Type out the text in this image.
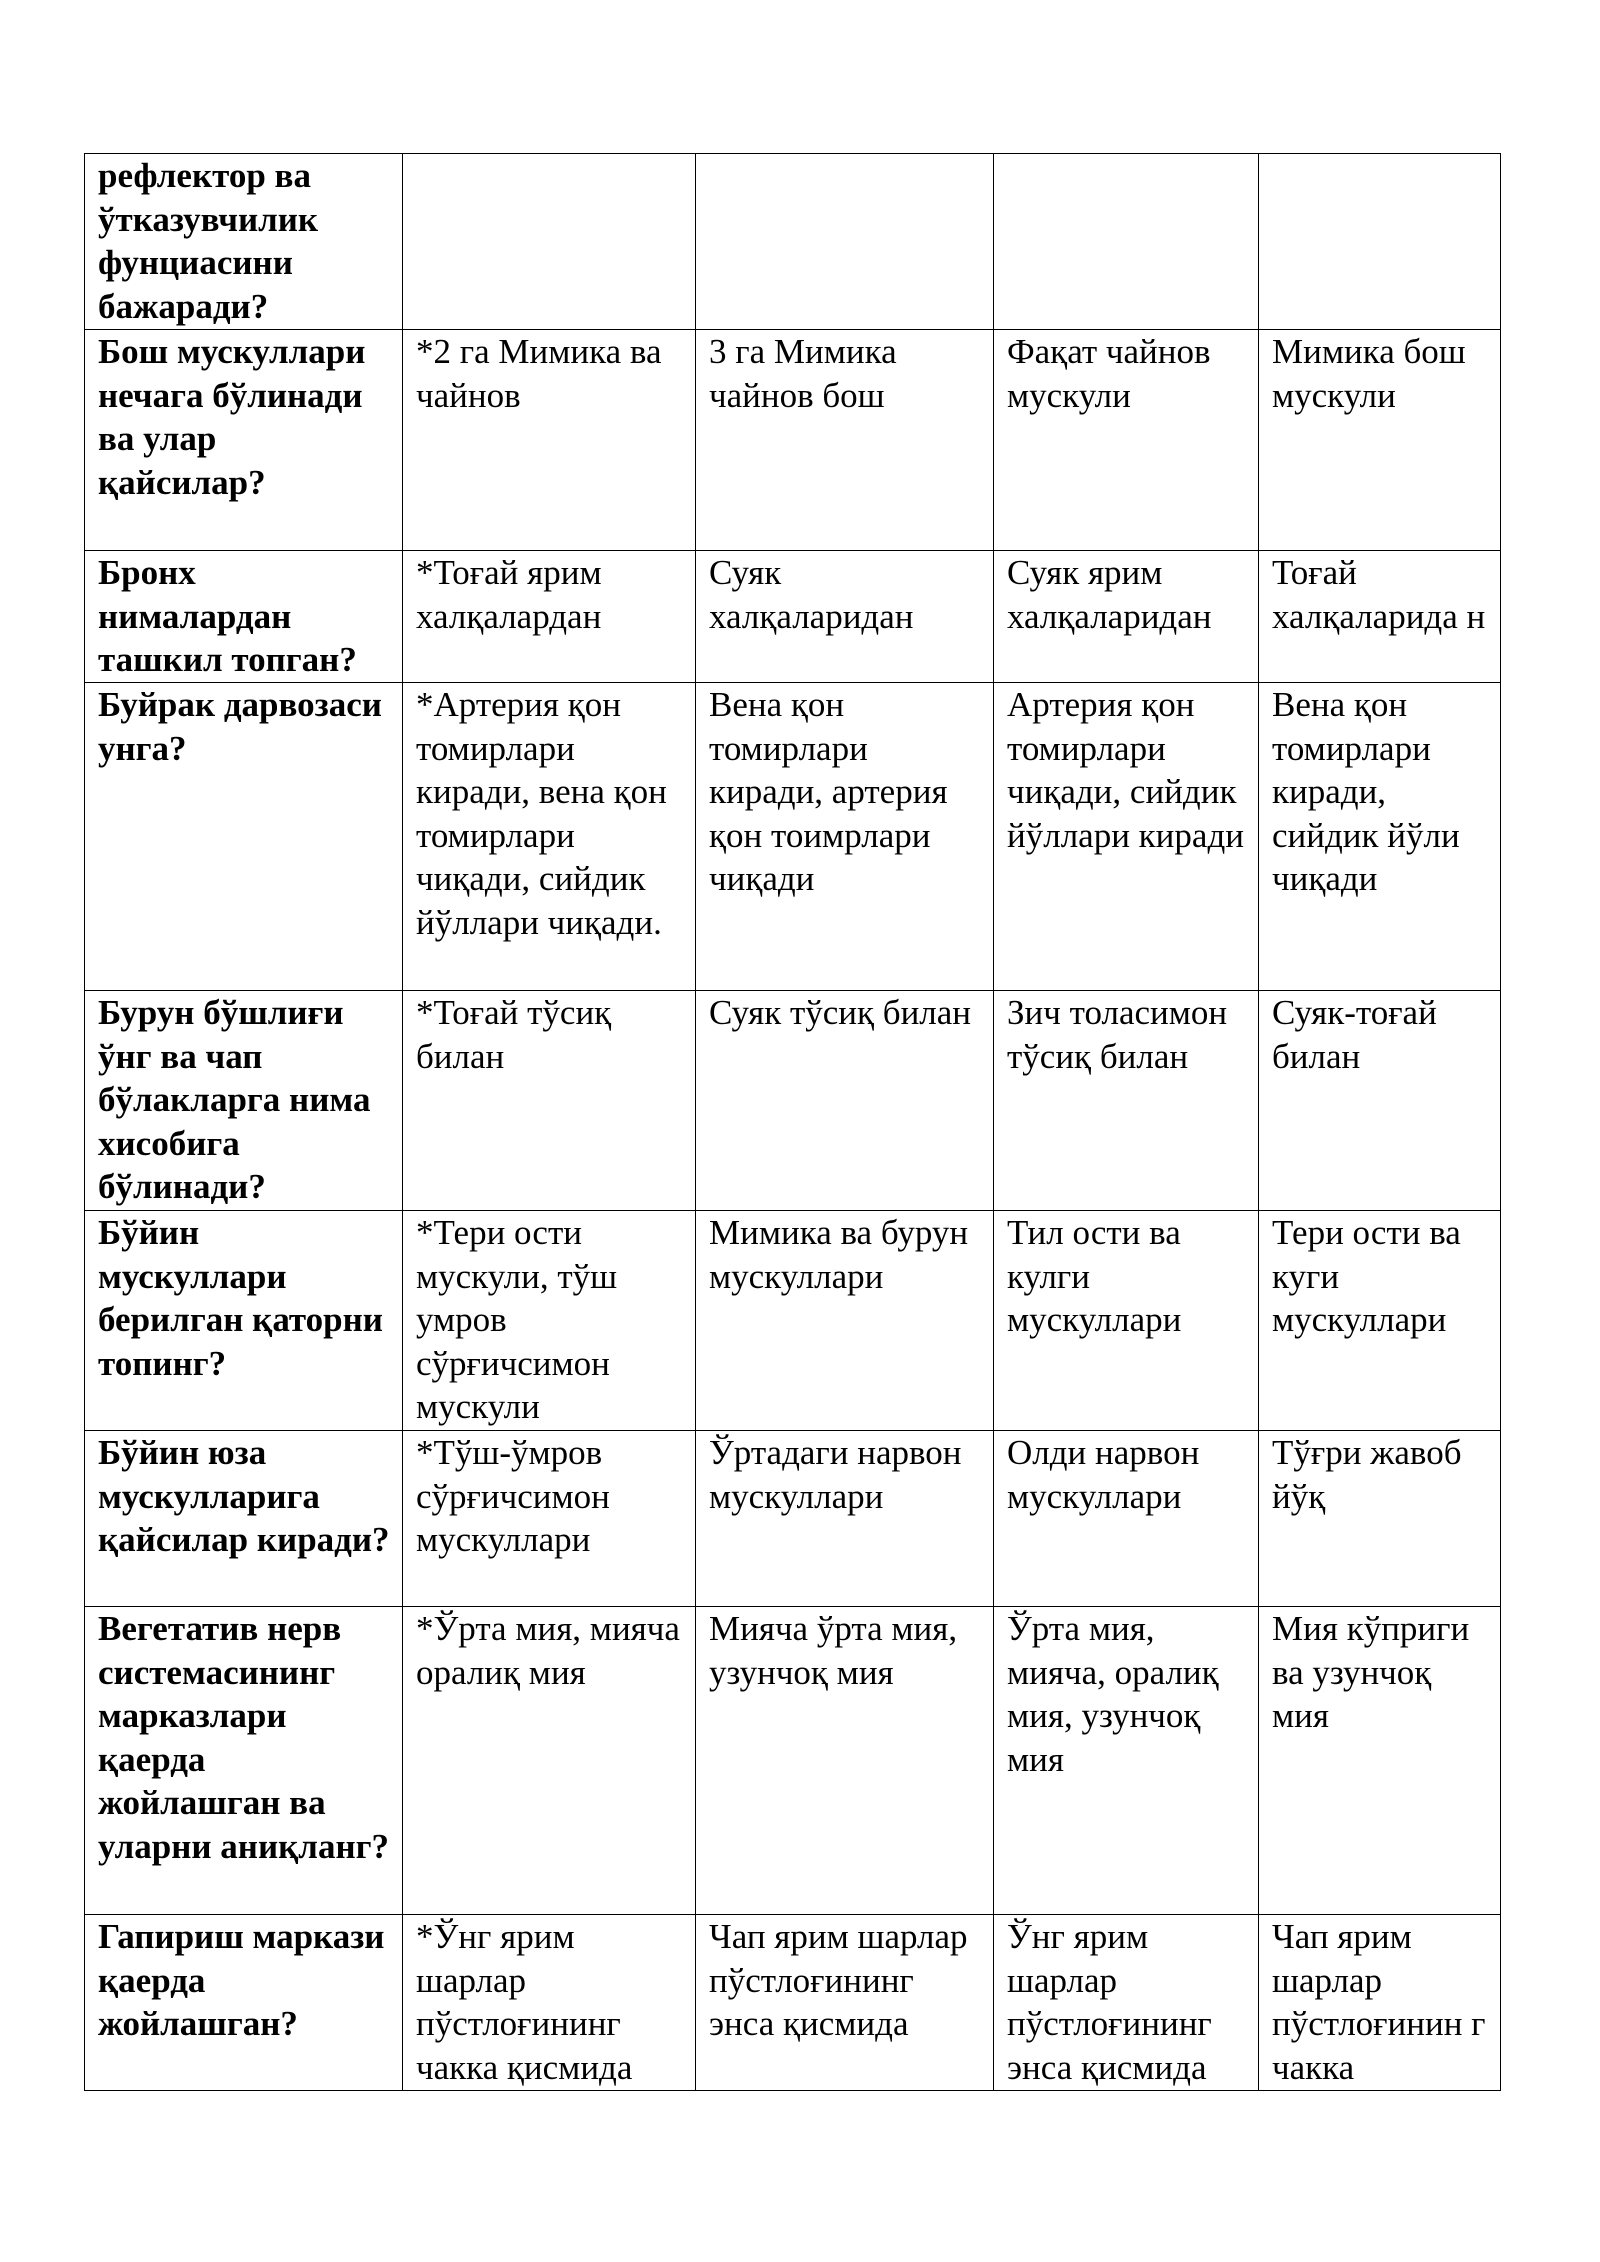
рефлектор ва ўтказувчилик фунциасини бажаради?				
Бош мускуллари нечага бўлинади ва улар қайсилар?	*2 га Мимика ва чайнов	3 га Мимика чайнов бош	Фақат чайнов мускули	Мимика бош мускули
Бронх нималардан ташкил топган?	*Тоғай ярим халқалардан	Суяк халқаларидан	Суяк ярим халқаларидан	Тоғай халқаларида н
Буйрак дарвозаси унга?	*Артерия қон томирлари киради, вена қон томирлари чиқади, сийдик йўллари чиқади.	Вена қон томирлари киради, артерия қон тоимрлари чиқади	Артерия қон томирлари чиқади, сийдик йўллари киради	Вена қон томирлари киради, сийдик йўли чиқади
Бурун бўшлиғи ўнг ва чап бўлакларга нима хисобига бўлинади?	*Тоғай тўсиқ билан	Суяк тўсиқ билан	Зич толасимон тўсиқ билан	Суяк-тоғай билан
Бўйин мускуллари берилган қаторни топинг?	*Тери ости мускули, тўш умров сўрғичсимон мускули	Мимика ва бурун мускуллари	Тил ости ва кулги мускуллари	Тери ости ва куги мускуллари
Бўйин юза мускулларига қайсилар киради?	*Тўш-ўмров сўрғичсимон мускуллари	Ўртадаги нарвон мускуллари	Олди нарвон мускуллари	Тўғри жавоб йўқ
Вегетатив нерв системасининг марказлари қаерда жойлашган ва уларни аниқланг?	*Ўрта мия, мияча оралиқ мия	Мияча ўрта мия, узунчоқ мия	Ўрта мия, мияча, оралиқ мия, узунчоқ мия	Мия кўприги ва узунчоқ мия
Гапириш маркази қаерда жойлашган?	*Ўнг ярим шарлар пўстлоғининг чакка қисмида	Чап ярим шарлар пўстлоғининг энса қисмида	Ўнг ярим шарлар пўстлоғининг энса қисмида	Чап ярим шарлар пўстлоғинин г чакка
